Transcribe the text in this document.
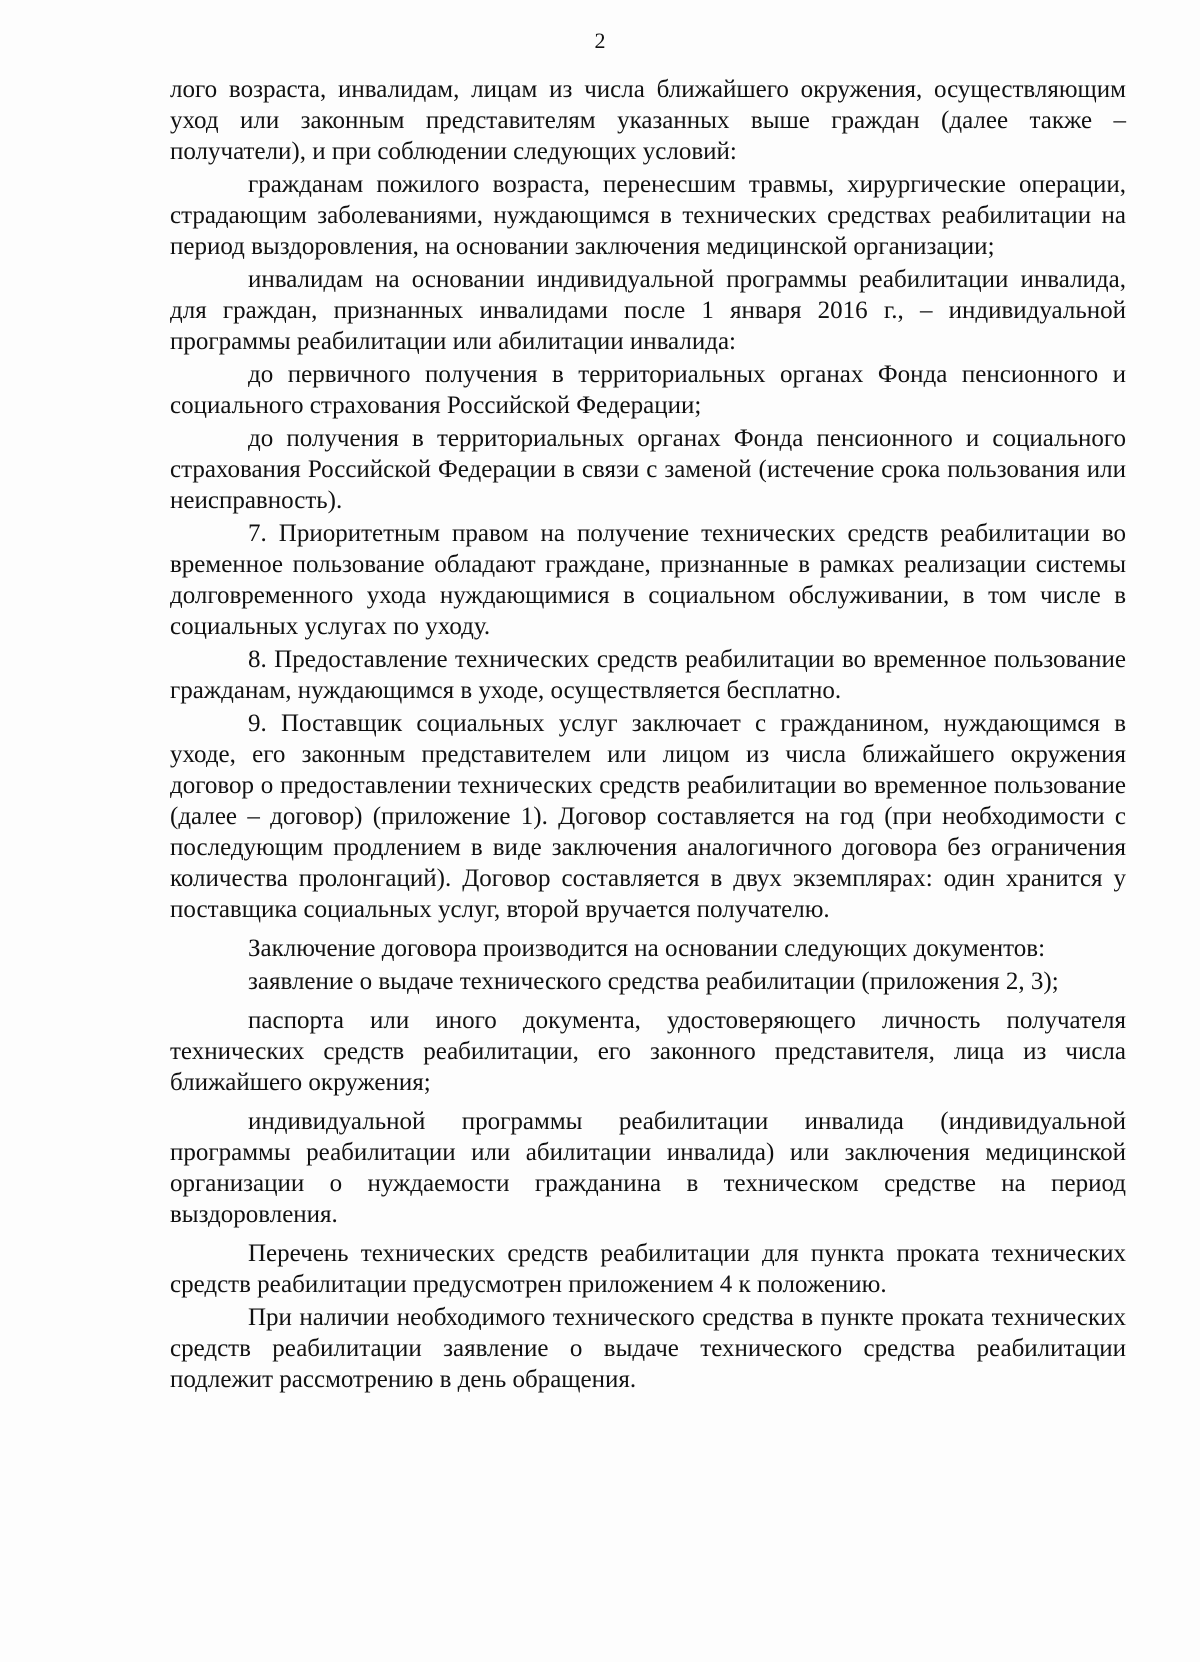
2

лого возраста, инвалидам, лицам из числа ближайшего окружения, осуществляющим уход или законным представителям указанных выше граждан (далее также – получатели), и при соблюдении следующих условий:

гражданам пожилого возраста, перенесшим травмы, хирургические операции, страдающим заболеваниями, нуждающимся в технических средствах реабилитации на период выздоровления, на основании заключения медицинской организации;

инвалидам на основании индивидуальной программы реабилитации инвалида, для граждан, признанных инвалидами после 1 января 2016 г., – индивидуальной программы реабилитации или абилитации инвалида:

до первичного получения в территориальных органах Фонда пенсионного и социального страхования Российской Федерации;

до получения в территориальных органах Фонда пенсионного и социального страхования Российской Федерации в связи с заменой (истечение срока пользования или неисправность).

7. Приоритетным правом на получение технических средств реабилитации во временное пользование обладают граждане, признанные в рамках реализации системы долговременного ухода нуждающимися в социальном обслуживании, в том числе в социальных услугах по уходу.

8. Предоставление технических средств реабилитации во временное пользование гражданам, нуждающимся в уходе, осуществляется бесплатно.

9. Поставщик социальных услуг заключает с гражданином, нуждающимся в уходе, его законным представителем или лицом из числа ближайшего окружения договор о предоставлении технических средств реабилитации во временное пользование (далее – договор) (приложение 1). Договор составляется на год (при необходимости с последующим продлением в виде заключения аналогичного договора без ограничения количества пролонгаций). Договор составляется в двух экземплярах: один хранится у поставщика социальных услуг, второй вручается получателю.

Заключение договора производится на основании следующих документов:

заявление о выдаче технического средства реабилитации (приложения 2, 3);

паспорта или иного документа, удостоверяющего личность получателя технических средств реабилитации, его законного представителя, лица из числа ближайшего окружения;

индивидуальной программы реабилитации инвалида (индивидуальной программы реабилитации или абилитации инвалида) или заключения медицинской организации о нуждаемости гражданина в техническом средстве на период выздоровления.

Перечень технических средств реабилитации для пункта проката технических средств реабилитации предусмотрен приложением 4 к положению.

При наличии необходимого технического средства в пункте проката технических средств реабилитации заявление о выдаче технического средства реабилитации подлежит рассмотрению в день обращения.
